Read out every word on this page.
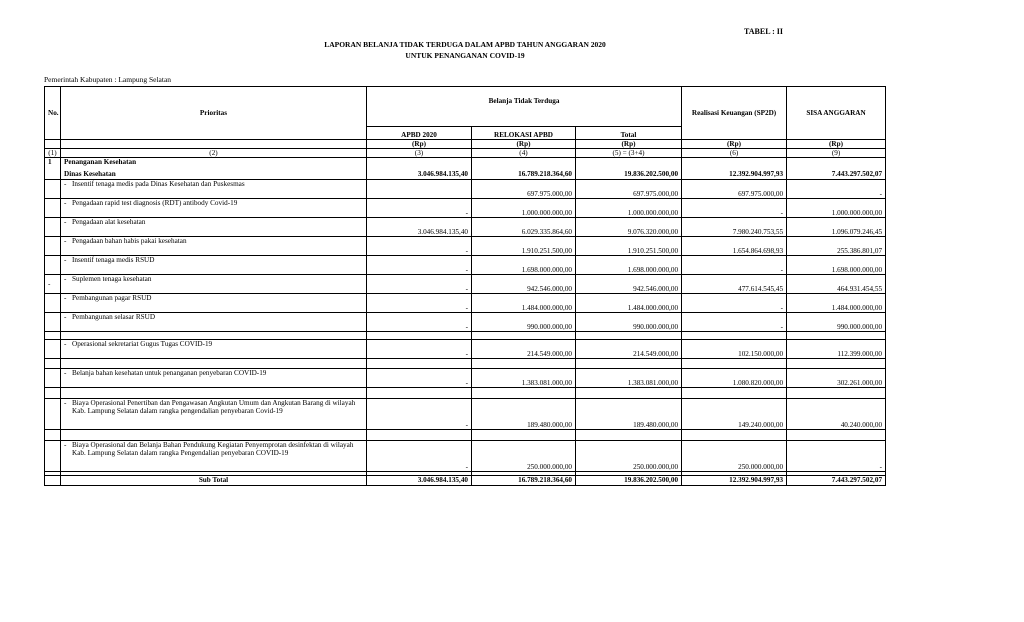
TABEL : II
LAPORAN BELANJA TIDAK TERDUGA DALAM APBD TAHUN ANGGARAN 2020
UNTUK PENANGANAN COVID-19
Pemerintah Kabupaten : Lampung Selatan
No.	Prioritas	Belanja Tidak Terduga			Realisasi Keuangan (SP2D)	SISA ANGGARAN
		APBD 2020	RELOKASI APBD	Total		
		(Rp)	(Rp)	(Rp)	(Rp)	(Rp)
(1)	(2)	(3)	(4)	(5) = (3+4)	(6)	(9)
1	Penanganan Kesehatan					
	Dinas Kesehatan	3.046.984.135,40	16.789.218.364,60	19.836.202.500,00	12.392.904.997,93	7.443.297.502,07

	- Insentif tenaga medis pada Dinas Kesehatan dan Puskesmas		697.975.000,00	697.975.000,00	697.975.000,00	-

	- Pengadaan rapid test diagnosis (RDT) antibody Covid-19	-	1.000.000.000,00	1.000.000.000,00	-	1.000.000.000,00

	- Pengadaan alat kesehatan	3.046.984.135,40	6.029.335.864,60	9.076.320.000,00	7.980.240.753,55	1.096.079.246,45

	- Pengadaan bahan habis pakai kesehatan	-	1.910.251.500,00	1.910.251.500,00	1.654.864.698,93	255.386.801,07

	- Insentif tenaga medis RSUD	-	1.698.000.000,00	1.698.000.000,00	-	1.698.000.000,00
-	- Suplemen tenaga kesehatan	-	942.546.000,00	942.546.000,00	477.614.545,45	464.931.454,55

	- Pembangunan pagar RSUD	-	1.484.000.000,00	1.484.000.000,00	-	1.484.000.000,00

	- Pembangunan selasar RSUD	-	990.000.000,00	990.000.000,00	-	990.000.000,00

	- Operasional sekretariat Gugus Tugas COVID-19	-	214.549.000,00	214.549.000,00	102.150.000,00	112.399.000,00

	- Belanja bahan kesehatan untuk penanganan penyebaran COVID-19	-	1.383.081.000,00	1.383.081.000,00	1.080.820.000,00	302.261.000,00

	- Biaya Operasional Penertiban dan Pengawasan Angkutan Umum dan Angkutan Barang di wilayah Kab. Lampung Selatan dalam rangka pengendalian penyebaran Covid-19	-	189.480.000,00	189.480.000,00	149.240.000,00	40.240.000,00

	- Biaya Operasional dan Belanja Bahan Pendukung Kegiatan Penyemprotan desinfektan di wilayah Kab. Lampung Selatan dalam rangka Pengendalian penyebaran COVID-19	-	250.000.000,00	250.000.000,00	250.000.000,00	-

	Sub Total	3.046.984.135,40	16.789.218.364,60	19.836.202.500,00	12.392.904.997,93	7.443.297.502,07
